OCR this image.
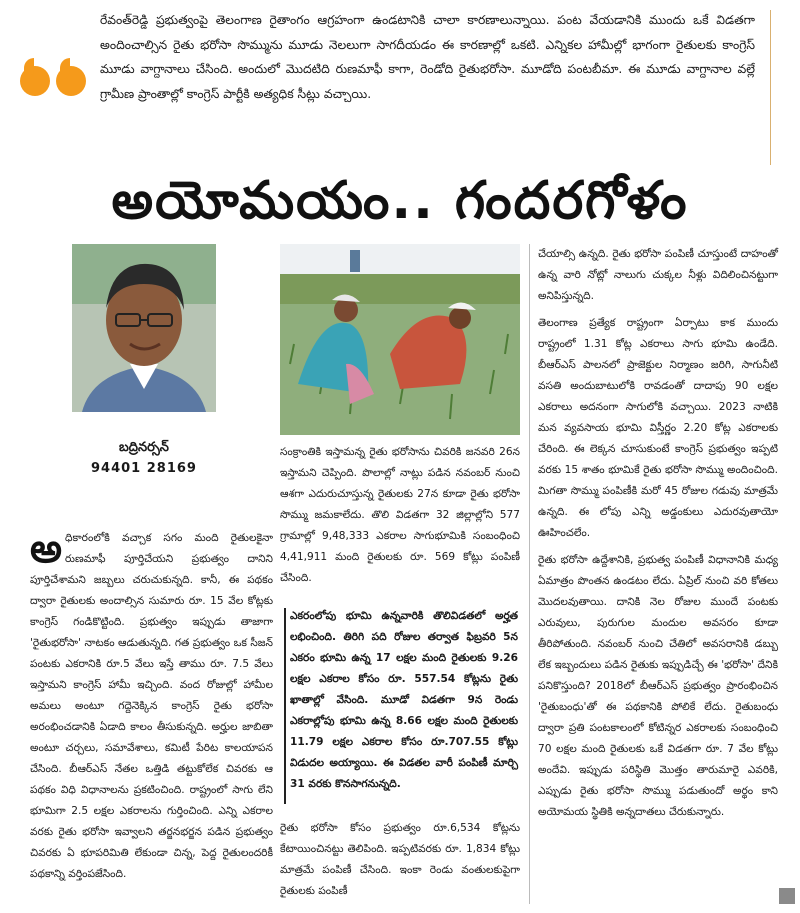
రేవంత్‌రెడ్డి ప్రభుత్వంపై తెలంగాణ రైతాంగం ఆగ్రహంగా ఉండటానికి చాలా కారణాలున్నాయి. పంట వేయడానికి ముందు ఒకే విడతగా అందించాల్సిన రైతు భరోసా సొమ్మును మూడు నెలలుగా సాగదీయడం ఈ కారణాల్లో ఒకటి. ఎన్నికల హామీల్లో భాగంగా రైతులకు కాంగ్రెస్ మూడు వాగ్దానాలు చేసింది. అందులో మొదటిది రుణమాఫీ కాగా, రెండోది రైతుభరోసా. మూడోది పంటబీమా. ఈ మూడు వాగ్దానాల వల్లే గ్రామీణ ప్రాంతాల్లో కాంగ్రెస్ పార్టీకి అత్యధిక సీట్లు వచ్చాయి.
అయోమయం.. గందరగోళం
బద్రినర్సన్
94401 28169

అధికారంలోకి వచ్చాక సగం మంది రైతులకైనా రుణమాఫీ పూర్తిచేయని ప్రభుత్వం దానిని పూర్తిచేశామని జబ్బలు చరుచుకున్నది. కానీ, ఈ పథకం ద్వారా రైతులకు అందాల్సిన సుమారు రూ. 15 వేల కోట్లకు కాంగ్రెస్ గండికొట్టింది. ప్రభుత్వం ఇప్పుడు తాజాగా 'రైతుభరోసా' నాటకం ఆడుతున్నది. గత ప్రభుత్వం ఒక సీజన్ పంటకు ఎకరానికి రూ.5 వేలు ఇస్తే తాము రూ. 7.5 వేలు ఇస్తామని కాంగ్రెస్ హామీ ఇచ్చింది. వంద రోజుల్లో హామీల అమలు అంటూ గద్దెనెక్కిన కాంగ్రెస్ రైతు భరోసా అరంభించడానికి ఏడాది కాలం తీసుకున్నది. అర్హుల జాబితా అంటూ చర్చలు, సమావేశాలు, కమిటీ పేరిట కాలయాపన చేసింది. బీఆర్ఎస్ నేతల ఒత్తిడి తట్టుకోలేక చివరకు ఆ పథకం విధి విధానాలను ప్రకటించింది. రాష్ట్రంలో సాగు లేని భూమిగా 2.5 లక్షల ఎకరాలను గుర్తించింది. ఎన్ని ఎకరాల వరకు రైతు భరోసా ఇవ్వాలని తర్జనభర్జన పడిన ప్రభుత్వం చివరకు ఏ భూపరిమితి లేకుండా చిన్న, పెద్ద రైతులందరికీ పథకాన్ని వర్తింపజేసింది.

సంక్రాంతికి ఇస్తామన్న రైతు భరోసాను చివరికి జనవరి 26న ఇస్తామని చెప్పింది. పొలాల్లో నాట్లు పడిన నవంబర్ నుంచి ఆశగా ఎదురుచూస్తున్న రైతులకు 27న కూడా రైతు భరోసా సొమ్ము జమకాలేదు. తొలి విడతగా 32 జిల్లాల్లోని 577 గ్రామాల్లో 9,48,333 ఎకరాల సాగుభూమికి సంబంధించి 4,41,911 మంది రైతులకు రూ. 569 కోట్లు పంపిణీ చేసింది.

ఎకరంలోపు భూమి ఉన్నవారికి తొలివిడతలో అర్హత లభించింది. తిరిగి పది రోజుల తర్వాత ఫిబ్రవరి 5న ఎకరం భూమి ఉన్న 17 లక్షల మంది రైతులకు 9.26 లక్షల ఎకరాల కోసం రూ. 557.54 కోట్లను రైతు ఖాతాల్లో వేసింది. మూడో విడతగా 9న రెండు ఎకరాల్లోపు భూమి ఉన్న 8.66 లక్షల మంది రైతులకు 11.79 లక్షల ఎకరాల కోసం రూ.707.55 కోట్లు విడుదల అయ్యాయి. ఈ విడతల వారీ పంపిణీ మార్చి 31 వరకు కొనసాగనున్నది.

రైతు భరోసా కోసం ప్రభుత్వం రూ.6,534 కోట్లను కేటాయించినట్టు తెలిపింది. ఇప్పటివరకు రూ. 1,834 కోట్లు మాత్రమే పంపిణీ చేసింది. ఇంకా రెండు వంతులకుపైగా రైతులకు పంపిణీ

చేయాల్సి ఉన్నది. రైతు భరోసా పంపిణీ చూస్తుంటే దాహంతో ఉన్న వారి నోట్లో నాలుగు చుక్కల నీళ్లు విదిలించినట్టుగా అనిపిస్తున్నది.

తెలంగాణ ప్రత్యేక రాష్ట్రంగా ఏర్పాటు కాక ముందు రాష్ట్రంలో 1.31 కోట్ల ఎకరాలు సాగు భూమి ఉండేది. బీఆర్ఎస్ పాలనలో ప్రాజెక్టుల నిర్మాణం జరిగి, సాగునీటి వసతి అందుబాటులోకి రావడంతో దాదాపు 90 లక్షల ఎకరాలు అదనంగా సాగులోకి వచ్చాయి. 2023 నాటికి మన వ్యవసాయ భూమి విస్తీర్ణం 2.20 కోట్ల ఎకరాలకు చేరింది. ఈ లెక్కన చూసుకుంటే కాంగ్రెస్ ప్రభుత్వం ఇప్పటి వరకు 15 శాతం భూమికే రైతు భరోసా సొమ్ము అందించింది. మిగతా సొమ్ము పంపిణీకి మరో 45 రోజుల గడువు మాత్రమే ఉన్నది. ఈ లోపు ఎన్ని అడ్డంకులు ఎదురవుతాయో ఊహించలేం.

రైతు భరోసా ఉద్దేశానికి, ప్రభుత్వ పంపిణీ విధానానికి మధ్య ఏమాత్రం పొంతన ఉండటం లేదు. ఏప్రిల్ నుంచి వరి కోతలు మొదలవుతాయి. దానికి నెల రోజుల ముందే పంటకు ఎరువులు, పురుగుల మందుల అవసరం కూడా తీరిపోతుంది. నవంబర్ నుంచి చేతిలో అవసరానికి డబ్బు లేక ఇబ్బందులు పడిన రైతుకు ఇప్పుడిచ్చే ఈ 'భరోసా' దేనికి పనికొస్తుంది? 2018లో బీఆర్ఎస్ ప్రభుత్వం ప్రారంభించిన 'రైతుబంధు'తో ఈ పథకానికి పోలికే లేదు. రైతుబంధు ద్వారా ప్రతి పంటకాలంలో కోటిన్నర ఎకరాలకు సంబంధించి 70 లక్షల మంది రైతులకు ఒకే విడతగా రూ. 7 వేల కోట్లు అందేవి. ఇప్పుడు పరిస్థితి మొత్తం తారుమారై ఎవరికి, ఎప్పుడు రైతు భరోసా సొమ్ము పడుతుందో అర్థం కాని అయోమయ స్థితికి అన్నదాతలు చేరుకున్నారు.
